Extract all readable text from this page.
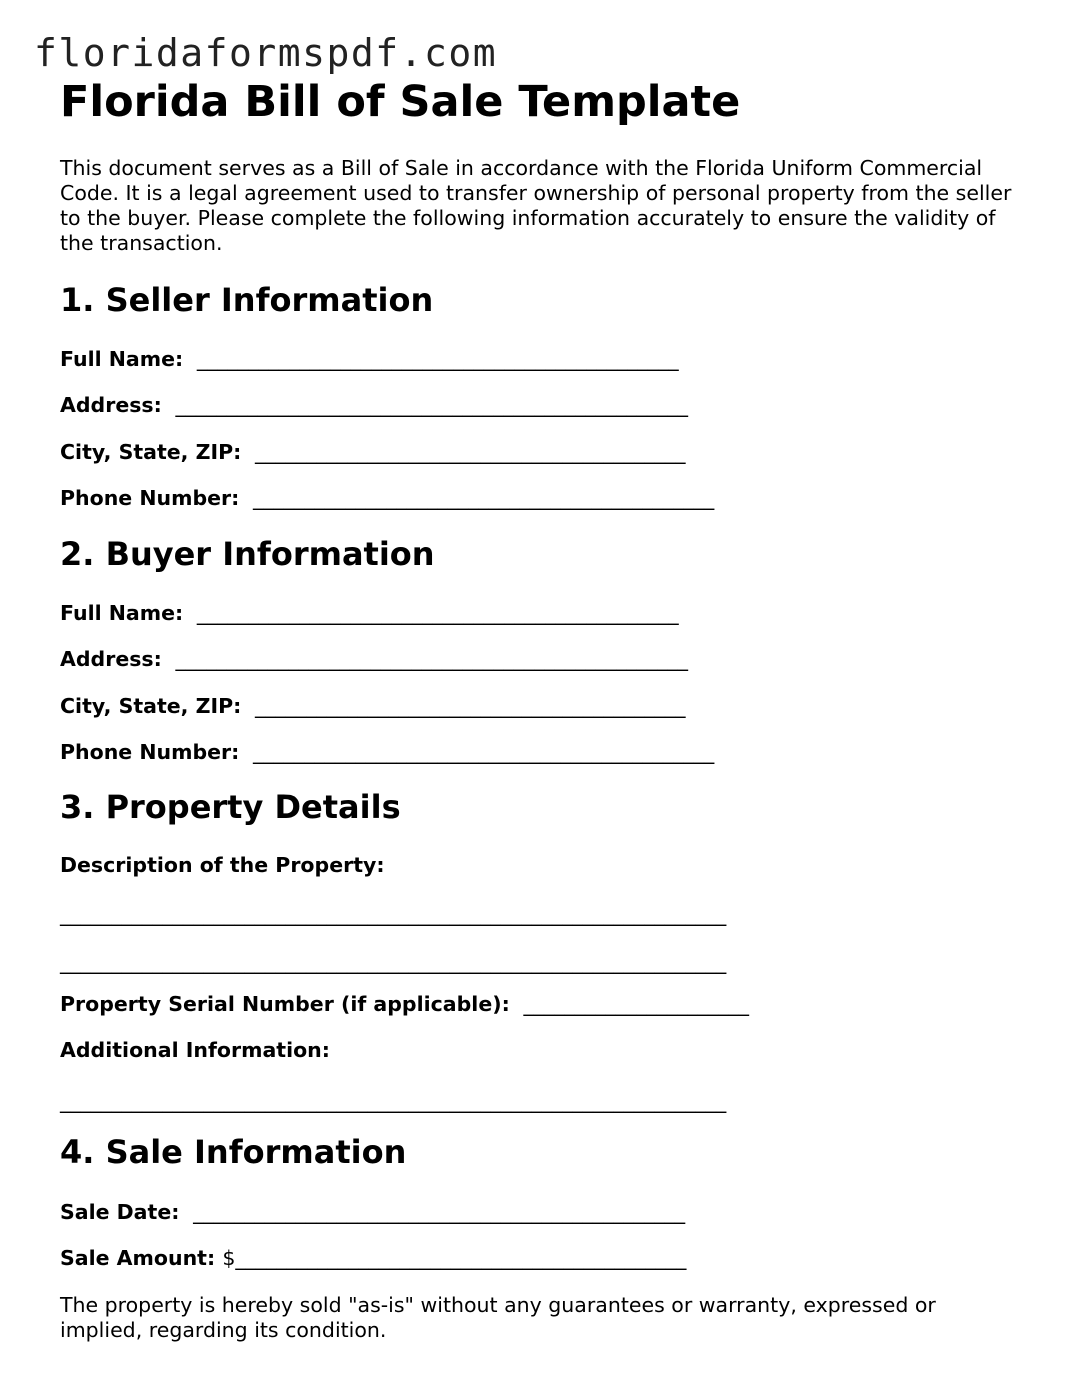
floridaformspdf.com
Florida Bill of Sale Template

This document serves as a Bill of Sale in accordance with the Florida Uniform Commercial Code. It is a legal agreement used to transfer ownership of personal property from the seller to the buyer. Please complete the following information accurately to ensure the validity of the transaction.

1. Seller Information
Full Name:  _______________________________________________
Address:  __________________________________________________
City, State, ZIP:  __________________________________________
Phone Number:  _____________________________________________
2. Buyer Information
Full Name:  _______________________________________________
Address:  __________________________________________________
City, State, ZIP:  __________________________________________
Phone Number:  _____________________________________________
3. Property Details
Description of the Property:
_________________________________________________________________
_________________________________________________________________
Property Serial Number (if applicable):  ______________________
Additional Information:
_________________________________________________________________
4. Sale Information
Sale Date:  ________________________________________________
Sale Amount: $____________________________________________

The property is hereby sold "as-is" without any guarantees or warranty, expressed or implied, regarding its condition.
